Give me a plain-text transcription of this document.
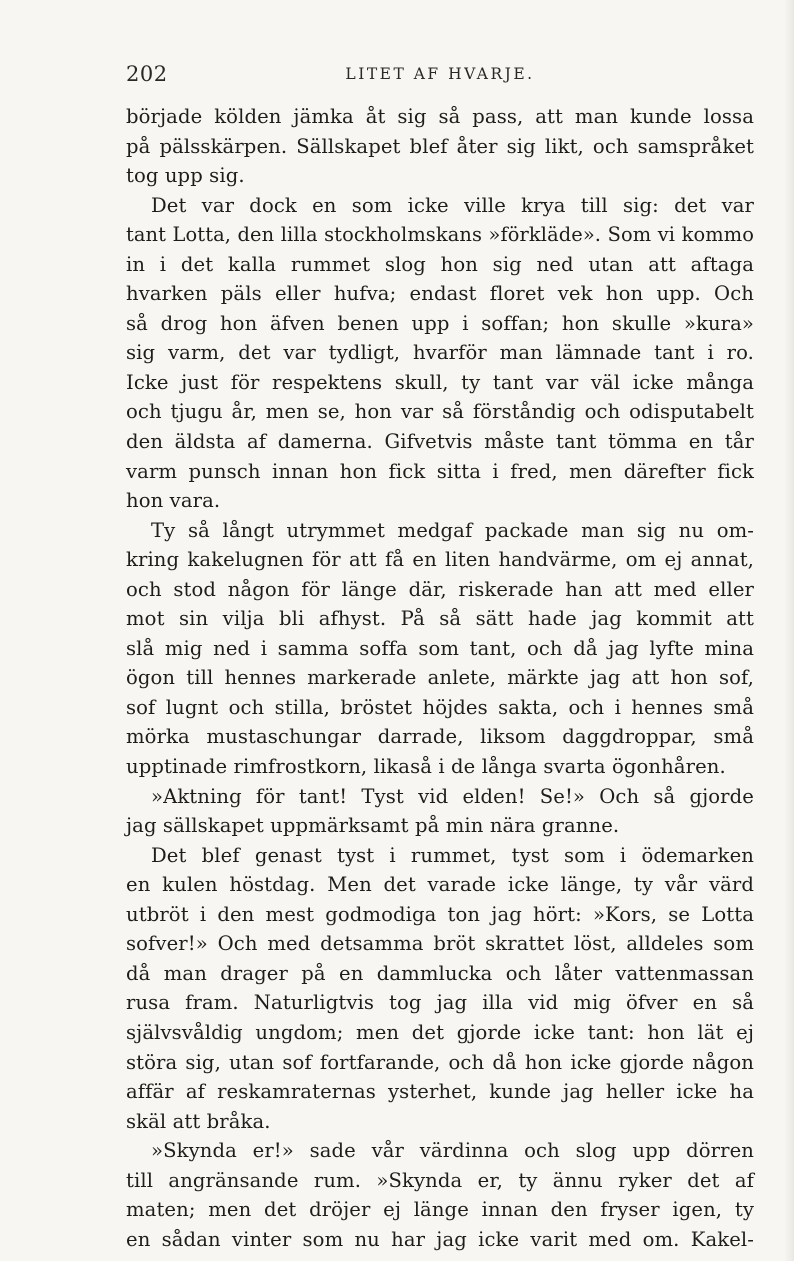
202	LITET AF HVARJE.
började kölden jämka åt sig så pass, att man kunde lossa
på pälsskärpen. Sällskapet blef åter sig likt, och samspråket
tog upp sig.
Det var dock en som icke ville krya till sig: det var
tant Lotta, den lilla stockholmskans »förkläde». Som vi kommo
in i det kalla rummet slog hon sig ned utan att aftaga
hvarken päls eller hufva; endast floret vek hon upp. Och
så drog hon äfven benen upp i soffan; hon skulle »kura»
sig varm, det var tydligt, hvarför man lämnade tant i ro.
Icke just för respektens skull, ty tant var väl icke många
och tjugu år, men se, hon var så förståndig och odisputabelt
den äldsta af damerna. Gifvetvis måste tant tömma en tår
varm punsch innan hon fick sitta i fred, men därefter fick
hon vara.
Ty så långt utrymmet medgaf packade man sig nu om-
kring kakelugnen för att få en liten handvärme, om ej annat,
och stod någon för länge där, riskerade han att med eller
mot sin vilja bli afhyst. På så sätt hade jag kommit att
slå mig ned i samma soffa som tant, och då jag lyfte mina
ögon till hennes markerade anlete, märkte jag att hon sof,
sof lugnt och stilla, bröstet höjdes sakta, och i hennes små
mörka mustaschungar darrade, liksom daggdroppar, små
upptinade rimfrostkorn, likaså i de långa svarta ögonhåren.
»Aktning för tant! Tyst vid elden! Se!» Och så gjorde
jag sällskapet uppmärksamt på min nära granne.
Det blef genast tyst i rummet, tyst som i ödemarken
en kulen höstdag. Men det varade icke länge, ty vår värd
utbröt i den mest godmodiga ton jag hört: »Kors, se Lotta
sofver!» Och med detsamma bröt skrattet löst, alldeles som
då man drager på en dammlucka och låter vattenmassan
rusa fram. Naturligtvis tog jag illa vid mig öfver en så
självsvåldig ungdom; men det gjorde icke tant: hon lät ej
störa sig, utan sof fortfarande, och då hon icke gjorde någon
affär af reskamraternas ysterhet, kunde jag heller icke ha
skäl att bråka.
»Skynda er!» sade vår värdinna och slog upp dörren
till angränsande rum. »Skynda er, ty ännu ryker det af
maten; men det dröjer ej länge innan den fryser igen, ty
en sådan vinter som nu har jag icke varit med om. Kakel-
